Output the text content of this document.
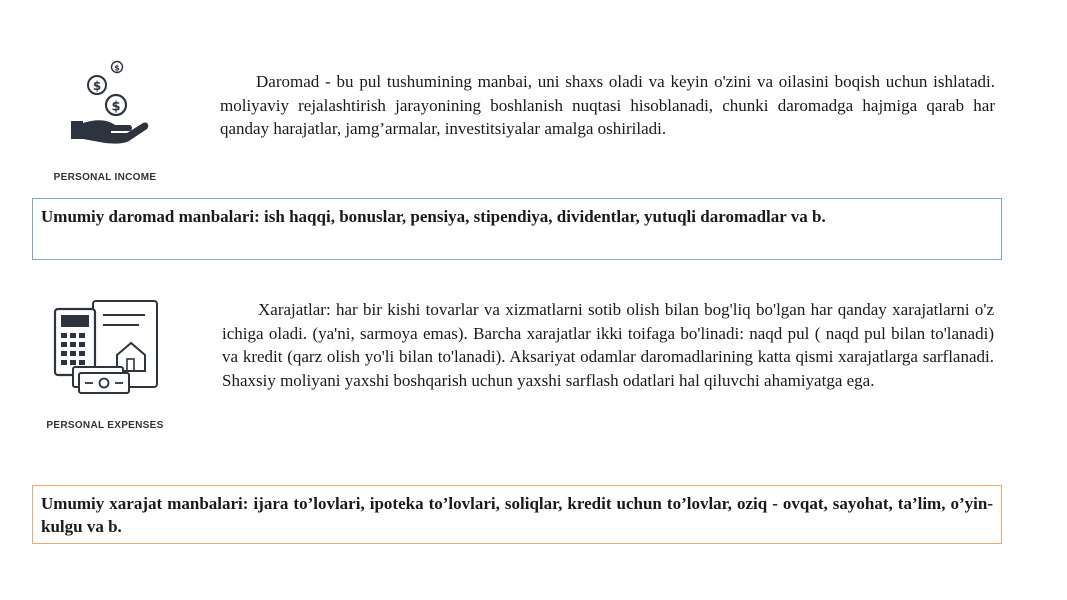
$
$
$
PERSONAL INCOME
Daromad - bu pul tushumining manbai, uni shaxs oladi va keyin o'zini va oilasini boqish uchun ishlatadi. moliyaviy rejalashtirish jarayonining boshlanish nuqtasi hisoblanadi, chunki daromadga hajmiga qarab har qanday harajatlar, jamg’armalar, investitsiyalar amalga oshiriladi.
Umumiy daromad manbalari: ish haqqi, bonuslar, pensiya, stipendiya, dividentlar, yutuqli daromadlar va b.
PERSONAL EXPENSES
Xarajatlar: har bir kishi tovarlar va xizmatlarni sotib olish bilan bog'liq bo'lgan har qanday xarajatlarni o'z ichiga oladi. (ya'ni, sarmoya emas). Barcha xarajatlar ikki toifaga bo'linadi: naqd pul ( naqd pul bilan to'lanadi) va kredit (qarz olish yo'li bilan to'lanadi). Aksariyat odamlar daromadlarining katta qismi xarajatlarga sarflanadi. Shaxsiy moliyani yaxshi boshqarish uchun yaxshi sarflash odatlari hal qiluvchi ahamiyatga ega.
Umumiy xarajat manbalari: ijara to’lovlari, ipoteka to’lovlari, soliqlar, kredit uchun to’lovlar, oziq - ovqat, sayohat, ta’lim, o’yin-kulgu va b.
